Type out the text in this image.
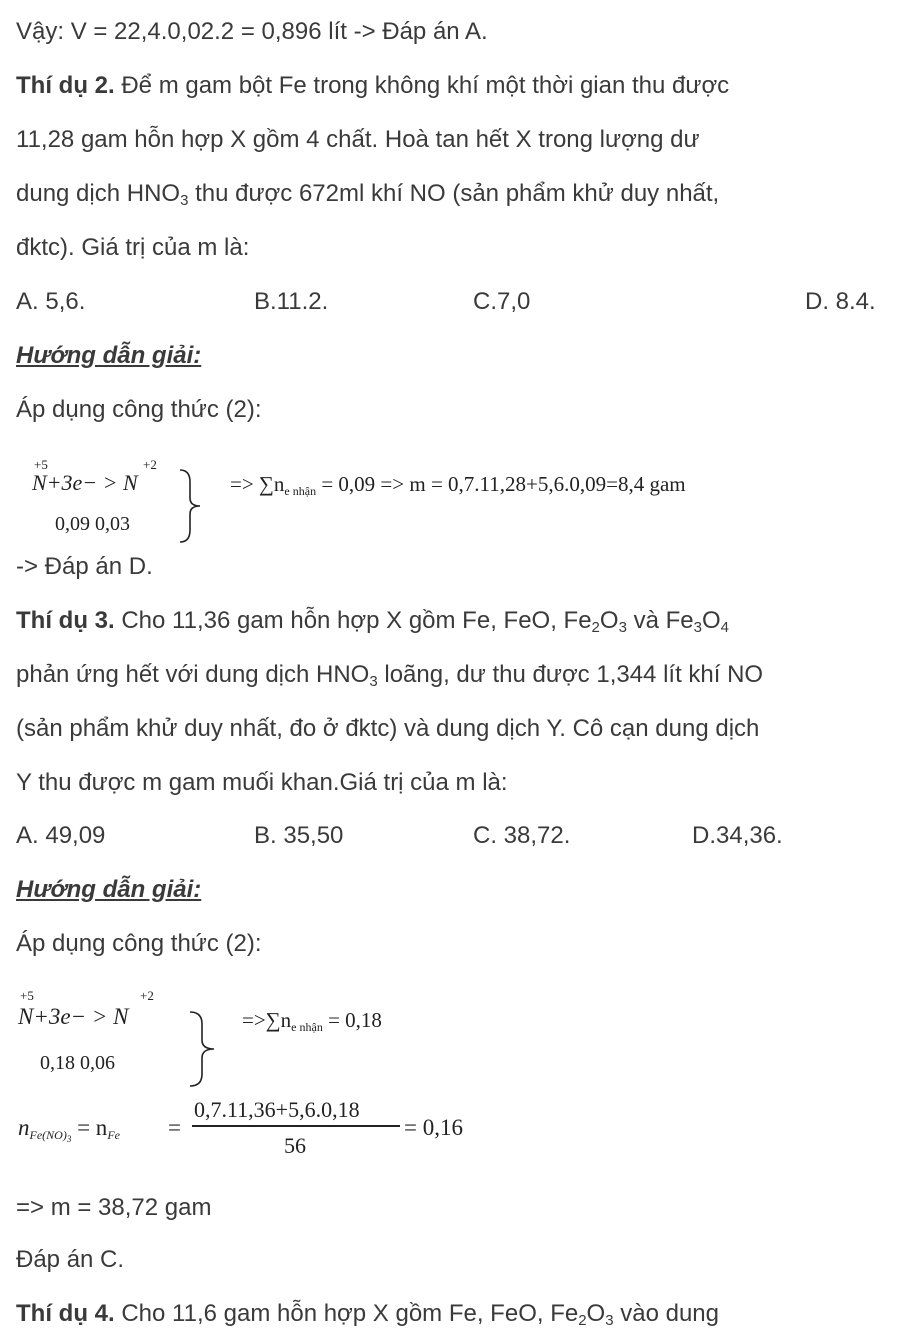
Vậy: V = 22,4.0,02.2 = 0,896 lít -> Đáp án A.
Thí dụ 2. Để m gam bột Fe trong không khí một thời gian thu được
11,28 gam hỗn hợp X gồm 4 chất. Hoà tan hết X trong lượng dư
dung dịch $HNO_3$ thu được 672ml khí NO (sản phẩm khử duy nhất,
đktc). Giá trị của m là:
A. 5,6.	B.11.2.	C.7,0	D. 8.4.
Hướng dẫn giải:
Áp dụng công thức (2):
+5	+2
N+3e− > N
0,09 0,03
=> $\sum n_{e nhận} = 0,09 => m = 0,7.11,28+5,6.0,09=8,4$ gam
-> Đáp án D.
Thí dụ 3. Cho 11,36 gam hỗn hợp X gồm Fe, FeO, $Fe_2O_3$ và $Fe_3O_4$
phản ứng hết với dung dịch $HNO_3$ loãng, dư thu được 1,344 lít khí NO
(sản phẩm khử duy nhất, đo ở đktc) và dung dịch Y. Cô cạn dung dịch
Y thu được m gam muối khan.Giá trị của m là:
A. 49,09	B. 35,50	C. 38,72.	D.34,36.
Hướng dẫn giải:
Áp dụng công thức (2):
+5	+2
N+3e− > N
0,18 0,06
$=>\sum n_{e nhận} = 0,18$
$n_{Fe(NO)3} = n_{Fe}$ =
0,7.11,36+5,6.0,18
56
= 0,16
=> m = 38,72 gam
Đáp án C.
Thí dụ 4. Cho 11,6 gam hỗn hợp X gồm Fe, FeO, $Fe_2O_3$ vào dung
